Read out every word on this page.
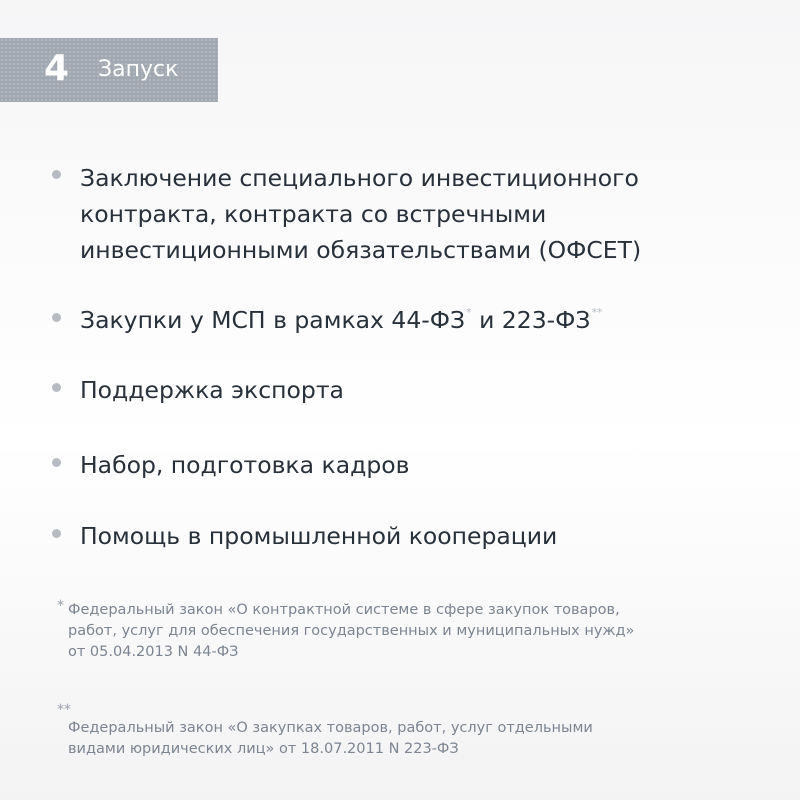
4 Запуск
Заключение специального инвестиционного
контракта, контракта со встречными
инвестиционными обязательствами (ОФСЕТ)
Закупки у МСП в рамках 44-ФЗ* и 223-ФЗ**
Поддержка экспорта
Набор, подготовка кадров
Помощь в промышленной кооперации
* Федеральный закон «О контрактной системе в сфере закупок товаров,
работ, услуг для обеспечения государственных и муниципальных нужд»
от 05.04.2013 N 44-ФЗ
**
Федеральный закон «О закупках товаров, работ, услуг отдельными
видами юридических лиц» от 18.07.2011 N 223-ФЗ
